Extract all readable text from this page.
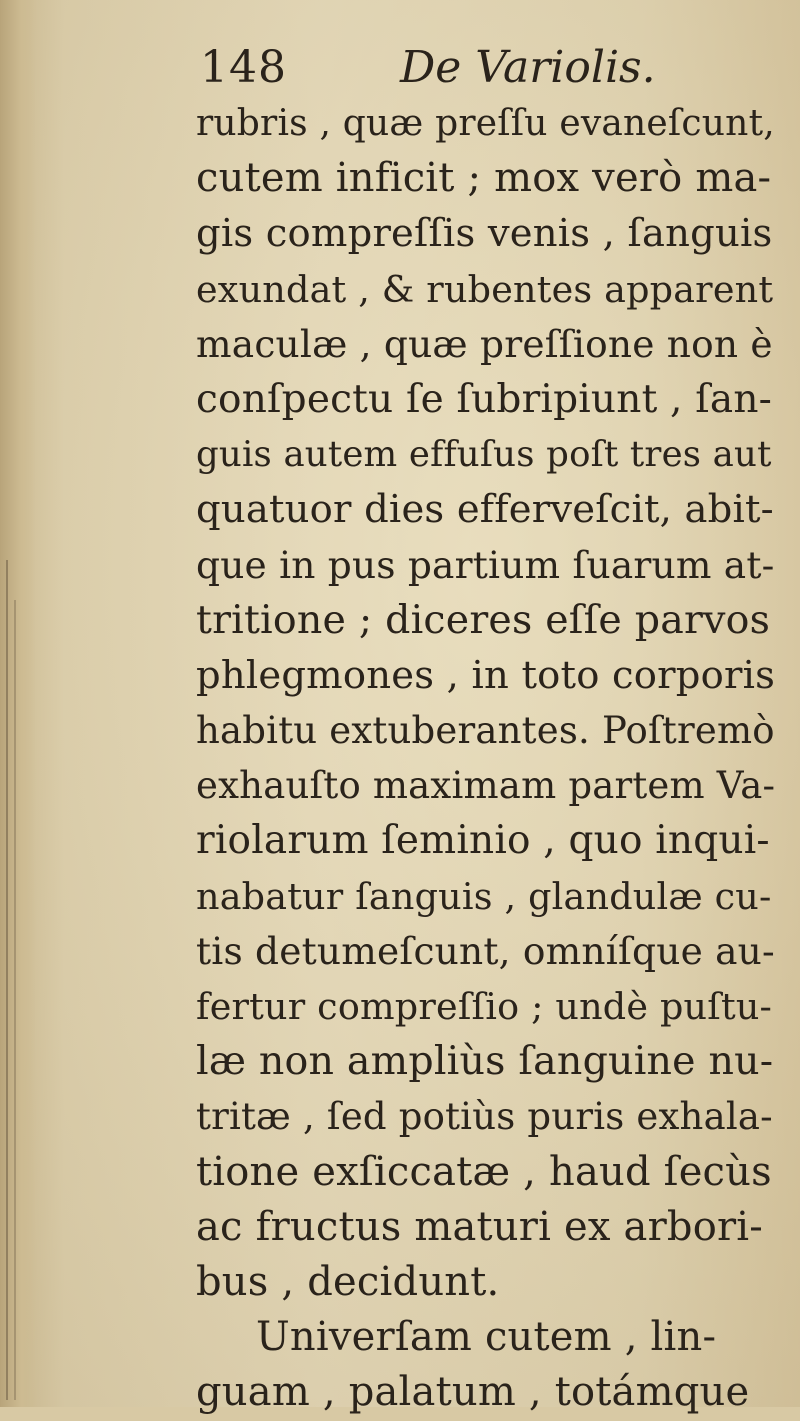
148	De Variolis.
rubris , quæ preſſu evaneſcunt,
cutem inficit ; mox verò ma-
gis compreſſis venis , ſanguis
exundat , & rubentes apparent
maculæ , quæ preſſione non è
conſpectu ſe ſubripiunt , ſan-
guis autem effuſus poſt tres aut
quatuor dies efferveſcit, abit-
que in pus partium ſuarum at-
tritione ; diceres eſſe parvos
phlegmones , in toto corporis
habitu extuberantes. Poſtremò
exhauſto maximam partem Va-
riolarum ſeminio , quo inqui-
nabatur ſanguis , glandulæ cu-
tis detumeſcunt, omníſque au-
fertur compreſſio ; undè puſtu-
læ non ampliùs ſanguine nu-
tritæ , ſed potiùs puris exhala-
tione exſiccatæ , haud ſecùs
ac fructus maturi ex arbori-
bus , decidunt.
Univerſam cutem , lin-
guam , palatum , totámque
